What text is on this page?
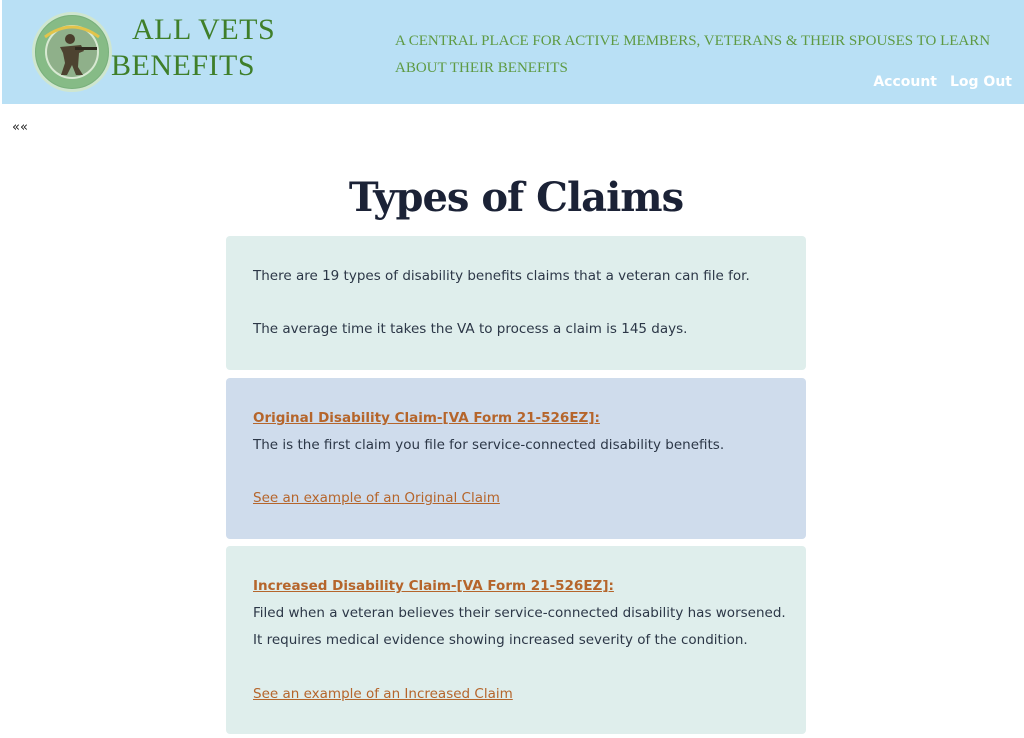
ALL VETS
BENEFITS
A CENTRAL PLACE FOR ACTIVE MEMBERS, VETERANS & THEIR SPOUSES TO LEARN ABOUT THEIR BENEFITS
Account Log Out
««
Types of Claims

There are 19 types of disability benefits claims that a veteran can file for.

The average time it takes the VA to process a claim is 145 days.

Original Disability Claim-[VA Form 21-526EZ]:

The is the first claim you file for service-connected disability benefits.

See an example of an Original Claim

Increased Disability Claim-[VA Form 21-526EZ]:

Filed when a veteran believes their service-connected disability has worsened.

It requires medical evidence showing increased severity of the condition.

See an example of an Increased Claim
